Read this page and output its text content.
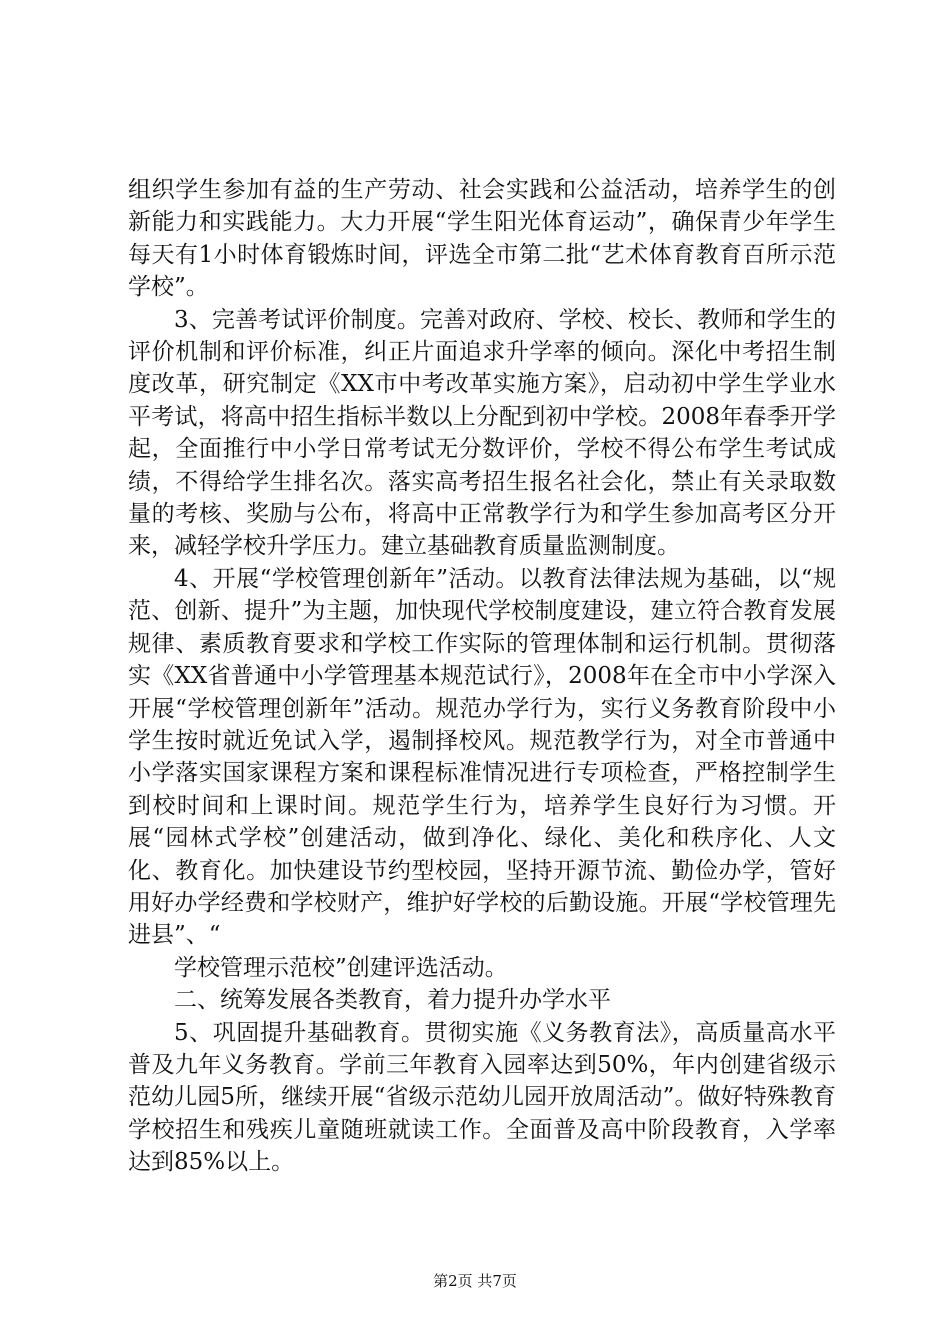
组织学生参加有益的生产劳动、社会实践和公益活动，培养学生的创新能力和实践能力。大力开展“学生阳光体育运动”，确保青少年学生每天有1小时体育锻炼时间，评选全市第二批“艺术体育教育百所示范学校”。

3、完善考试评价制度。完善对政府、学校、校长、教师和学生的评价机制和评价标准，纠正片面追求升学率的倾向。深化中考招生制度改革，研究制定《XX市中考改革实施方案》，启动初中学生学业水平考试，将高中招生指标半数以上分配到初中学校。2008年春季开学起，全面推行中小学日常考试无分数评价，学校不得公布学生考试成绩，不得给学生排名次。落实高考招生报名社会化，禁止有关录取数量的考核、奖励与公布，将高中正常教学行为和学生参加高考区分开来，减轻学校升学压力。建立基础教育质量监测制度。

4、开展“学校管理创新年”活动。以教育法律法规为基础，以“规范、创新、提升”为主题，加快现代学校制度建设，建立符合教育发展规律、素质教育要求和学校工作实际的管理体制和运行机制。贯彻落实《XX省普通中小学管理基本规范试行》，2008年在全市中小学深入开展“学校管理创新年”活动。规范办学行为，实行义务教育阶段中小学生按时就近免试入学，遏制择校风。规范教学行为，对全市普通中小学落实国家课程方案和课程标准情况进行专项检查，严格控制学生到校时间和上课时间。规范学生行为，培养学生良好行为习惯。开展“园林式学校”创建活动，做到净化、绿化、美化和秩序化、人文化、教育化。加快建设节约型校园，坚持开源节流、勤俭办学，管好用好办学经费和学校财产，维护好学校的后勤设施。开展“学校管理先进县”、“

学校管理示范校”创建评选活动。

二、统筹发展各类教育，着力提升办学水平

5、巩固提升基础教育。贯彻实施《义务教育法》，高质量高水平普及九年义务教育。学前三年教育入园率达到50%，年内创建省级示范幼儿园5所，继续开展“省级示范幼儿园开放周活动”。做好特殊教育学校招生和残疾儿童随班就读工作。全面普及高中阶段教育，入学率达到85%以上。

第2页 共7页
